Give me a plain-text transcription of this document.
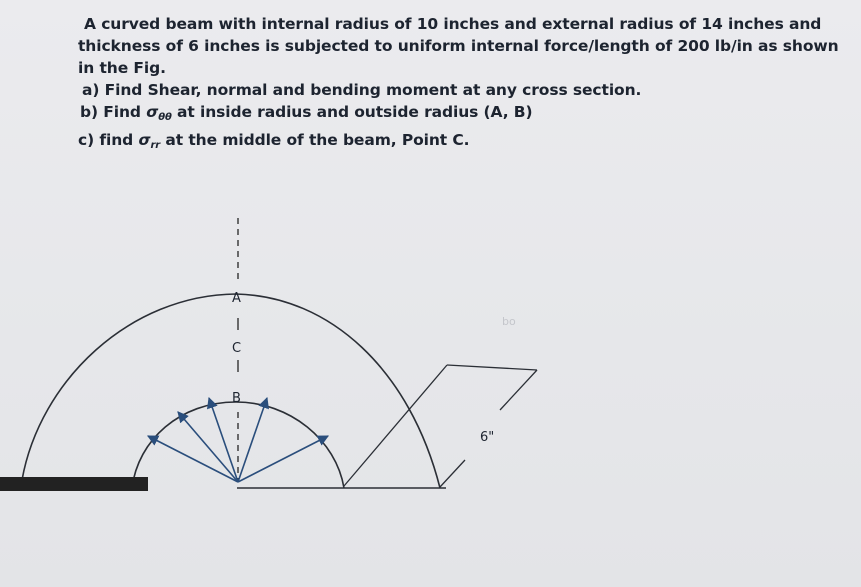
A curved beam with internal radius of 10 inches and external radius of 14 inches and

thickness of 6 inches is subjected to uniform internal force/length of 200 lb/in as shown

in the Fig.

a) Find Shear, normal and bending moment at any cross section.

b) Find $\sigma_{\theta\theta}$ at inside radius and outside radius (A, B)

c) find $\sigma_{rr}$ at the middle of the beam, Point C.

A
C
B
6"
bo
